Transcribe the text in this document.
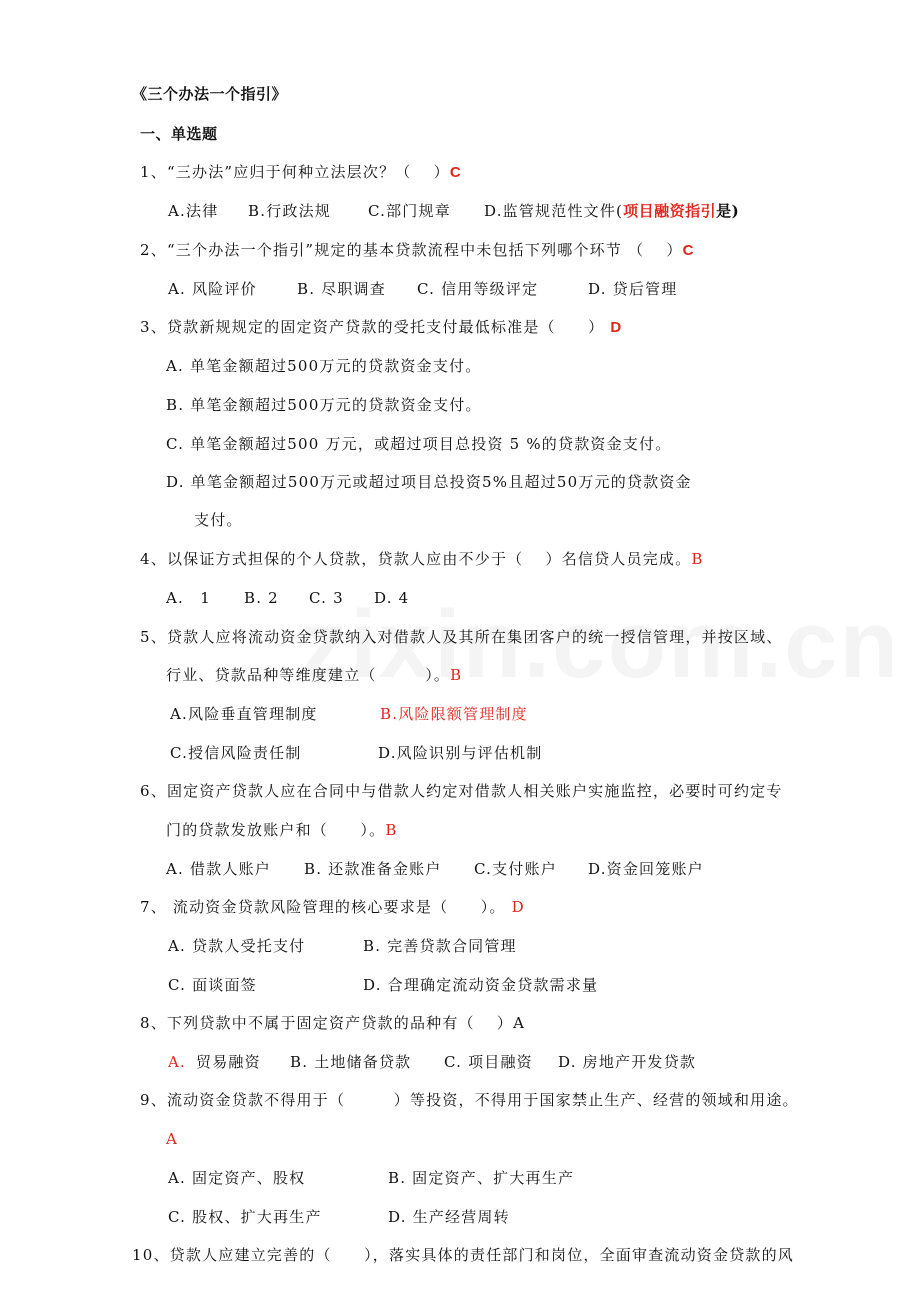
《三个办法一个指引》
一、单选题
1、“三办法”应归于何种立法层次？（　 ）C
A.法律 B.行政法规 C.部门规章 D.监管规范性文件(项目融资指引是)
2、“三个办法一个指引”规定的基本贷款流程中未包括下列哪个环节 （　 ）C
A. 风险评价	B. 尽职调查 C. 信用等级评定	D. 贷后管理
3、贷款新规规定的固定资产贷款的受托支付最低标准是（　　） D
A. 单笔金额超过500万元的贷款资金支付。
B. 单笔金额超过500万元的贷款资金支付。
C. 单笔金额超过500 万元，或超过项目总投资 5 %的贷款资金支付。
D. 单笔金额超过500万元或超过项目总投资5%且超过50万元的贷款资金
支付。
4、以保证方式担保的个人贷款，贷款人应由不少于（　 ）名信贷人员完成。B
A.　1 B. 2 C. 3 D. 4
5、贷款人应将流动资金贷款纳入对借款人及其所在集团客户的统一授信管理，并按区域、
行业、贷款品种等维度建立（　　　）。B
A.风险垂直管理制度	B.风险限额管理制度
C.授信风险责任制	D.风险识别与评估机制
6、固定资产贷款人应在合同中与借款人约定对借款人相关账户实施监控，必要时可约定专
门的贷款发放账户和（　　）。B
A. 借款人账户 B. 还款准备金账户 C.支付账户 D.资金回笼账户
7、 流动资金贷款风险管理的核心要求是（　　）。 D
A. 贷款人受托支付	B. 完善贷款合同管理
C. 面谈面签	D. 合理确定流动资金贷款需求量
8、下列贷款中不属于固定资产贷款的品种有（　 ）A
A. 贸易融资 B. 土地储备贷款 C. 项目融资 D. 房地产开发贷款
9、流动资金贷款不得用于（　　　）等投资，不得用于国家禁止生产、经营的领域和用途。
A
A. 固定资产、股权	B. 固定资产、扩大再生产
C. 股权、扩大再生产	D. 生产经营周转
10、贷款人应建立完善的（　　），落实具体的责任部门和岗位，全面审查流动资金贷款的风
